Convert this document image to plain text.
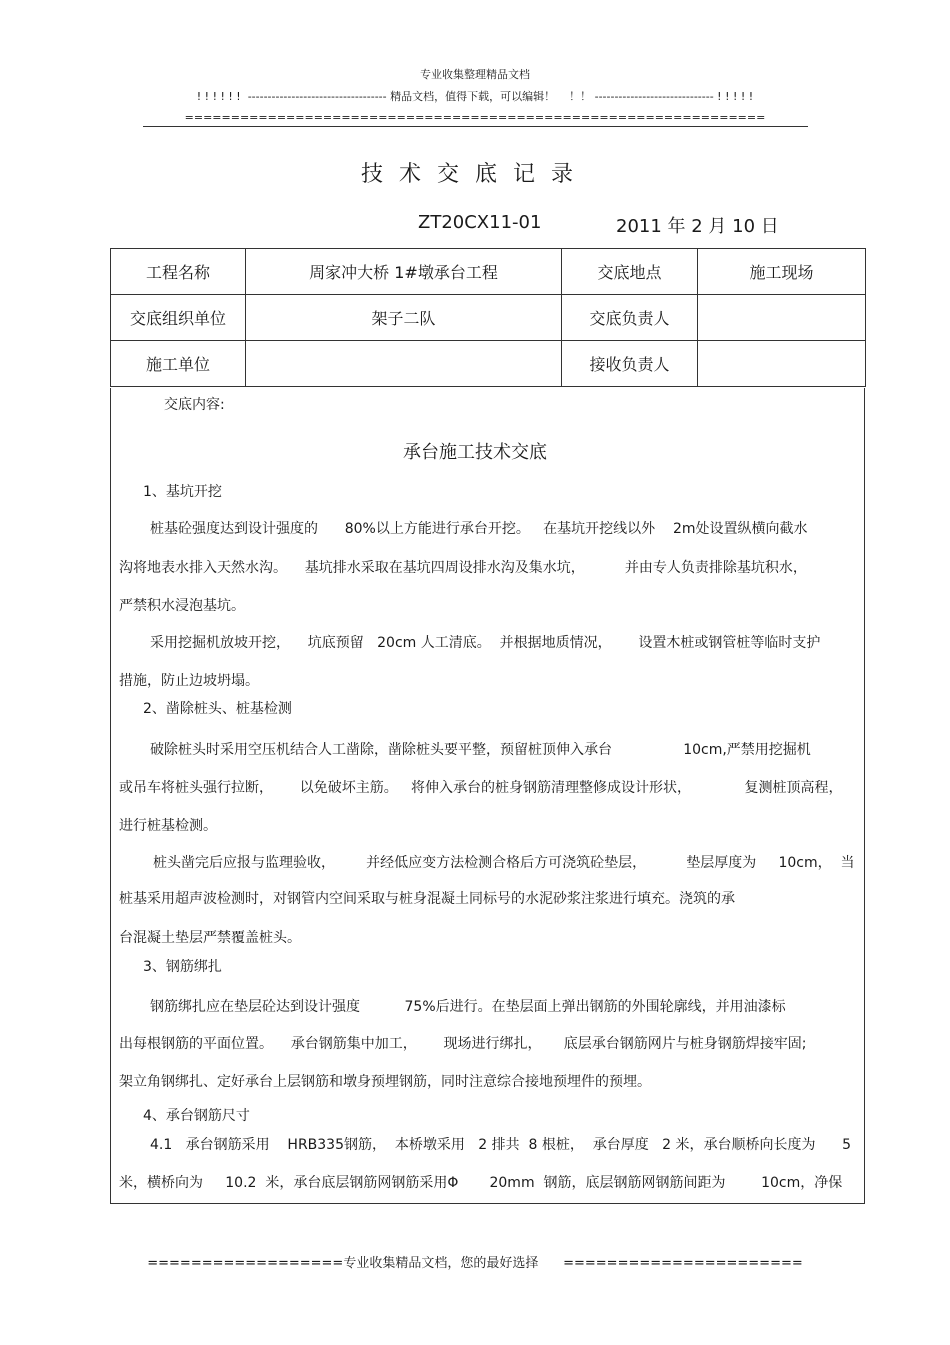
专业收集整理精品文档
! ! ! ! ! !  ----------------------------------- 精品文档，值得下载，可以编辑！    ！！ ------------------------------ ! ! ! ! !
===============================================================
技术交底记录
ZT20CX11-01	2011 年 2 月 10 日
工程名称	周家冲大桥 1#墩承台工程	交底地点	施工现场
交底组织单位	架子二队	交底负责人	
施工单位		接收负责人	
交底内容:
承台施工技术交底
1、基坑开挖
桩基砼强度达到设计强度的      80%以上方能进行承台开挖。   在基坑开挖线以外    2m处设置纵横向截水
沟将地表水排入天然水沟。    基坑排水采取在基坑四周设排水沟及集水坑，         并由专人负责排除基坑积水，
严禁积水浸泡基坑。
采用挖掘机放坡开挖，    坑底预留   20cm 人工清底。  并根据地质情况，      设置木桩或钢管桩等临时支护
措施，防止边坡坍塌。
2、凿除桩头、桩基检测
破除桩头时采用空压机结合人工凿除，凿除桩头要平整，预留桩顶伸入承台                10cm,严禁用挖掘机
或吊车将桩头强行拉断，      以免破坏主筋。   将伸入承台的桩身钢筋清理整修成设计形状，            复测桩顶高程，
进行桩基检测。
桩头凿完后应报与监理验收，       并经低应变方法检测合格后方可浇筑砼垫层，         垫层厚度为     10cm，  当
桩基采用超声波检测时，对钢管内空间采取与桩身混凝土同标号的水泥砂浆注浆进行填充。浇筑的承
台混凝土垫层严禁覆盖桩头。
3、钢筋绑扎
钢筋绑扎应在垫层砼达到设计强度          75%后进行。在垫层面上弹出钢筋的外围轮廓线，并用油漆标
出每根钢筋的平面位置。    承台钢筋集中加工，      现场进行绑扎，     底层承台钢筋网片与桩身钢筋焊接牢固;
架立角钢绑扎、定好承台上层钢筋和墩身预埋钢筋，同时注意综合接地预埋件的预埋。
4、承台钢筋尺寸
4.1   承台钢筋采用    HRB335钢筋，  本桥墩采用   2 排共  8 根桩，  承台厚度   2 米，承台顺桥向长度为      5
米，横桥向为     10.2  米，承台底层钢筋网钢筋采用Φ       20mm  钢筋，底层钢筋网钢筋间距为        10cm，净保
==================专业收集精品文档，您的最好选择      ======================
